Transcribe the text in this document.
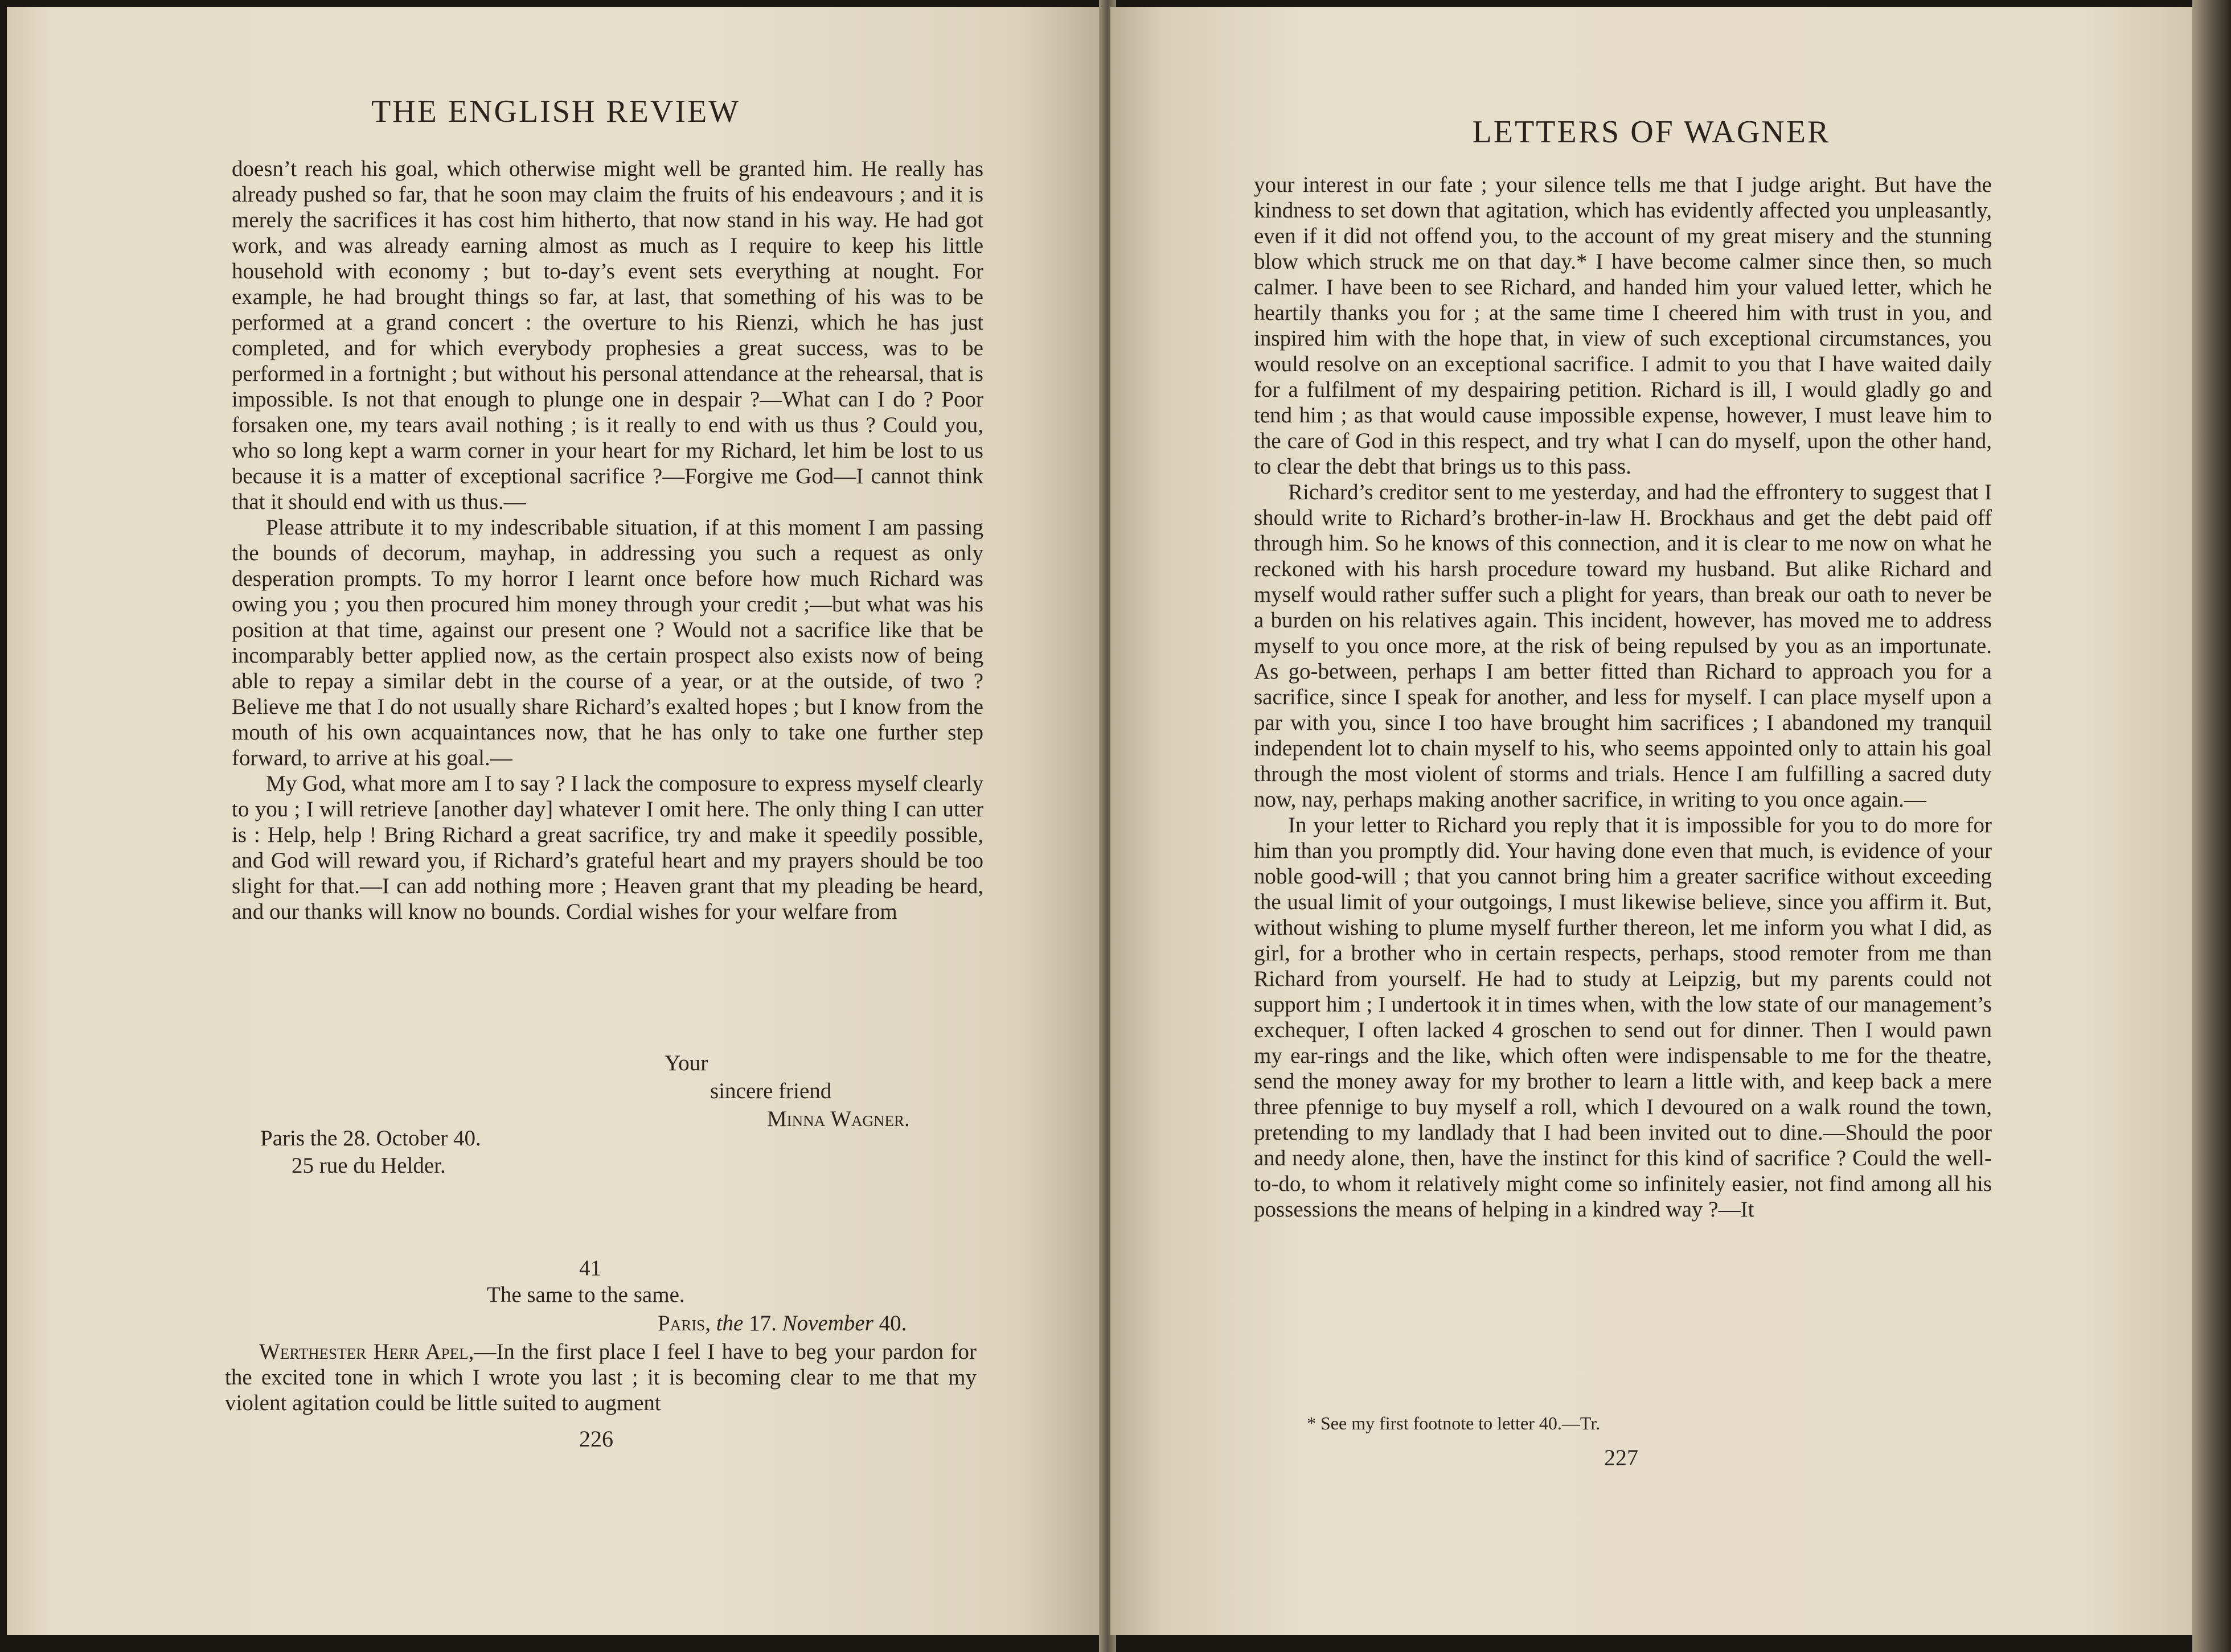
THE ENGLISH REVIEW

doesn’t reach his goal, which otherwise might well be granted him. He really has already pushed so far, that he soon may claim the fruits of his endeavours ; and it is merely the sacrifices it has cost him hitherto, that now stand in his way. He had got work, and was already earning almost as much as I require to keep his little household with economy ; but to-day’s event sets everything at nought. For example, he had brought things so far, at last, that something of his was to be performed at a grand concert : the overture to his Rienzi, which he has just completed, and for which everybody prophesies a great success, was to be performed in a fortnight ; but without his personal attendance at the rehearsal, that is impossible. Is not that enough to plunge one in despair ?—What can I do ? Poor forsaken one, my tears avail nothing ; is it really to end with us thus ? Could you, who so long kept a warm corner in your heart for my Richard, let him be lost to us because it is a matter of exceptional sacrifice ?—Forgive me God—I cannot think that it should end with us thus.—

Please attribute it to my indescribable situation, if at this moment I am passing the bounds of decorum, mayhap, in addressing you such a request as only desperation prompts. To my horror I learnt once before how much Richard was owing you ; you then procured him money through your credit ;—but what was his position at that time, against our present one ? Would not a sacrifice like that be incomparably better applied now, as the certain prospect also exists now of being able to repay a similar debt in the course of a year, or at the outside, of two ? Believe me that I do not usually share Richard’s exalted hopes ; but I know from the mouth of his own acquaintances now, that he has only to take one further step forward, to arrive at his goal.—

My God, what more am I to say ? I lack the composure to express myself clearly to you ; I will retrieve [another day] whatever I omit here. The only thing I can utter is : Help, help ! Bring Richard a great sacrifice, try and make it speedily possible, and God will reward you, if Richard’s grateful heart and my prayers should be too slight for that.—I can add nothing more ; Heaven grant that my pleading be heard, and our thanks will know no bounds. Cordial wishes for your welfare from

Your
sincere friend
Minna Wagner.
Paris the 28. October 40.
25 rue du Helder.
41
The same to the same.
Paris, the 17. November 40.

Werthester Herr Apel,—In the first place I feel I have to beg your pardon for the excited tone in which I wrote you last ; it is becoming clear to me that my violent agitation could be little suited to augment

226
LETTERS OF WAGNER

your interest in our fate ; your silence tells me that I judge aright. But have the kindness to set down that agitation, which has evidently affected you unpleasantly, even if it did not offend you, to the account of my great misery and the stunning blow which struck me on that day.* I have become calmer since then, so much calmer. I have been to see Richard, and handed him your valued letter, which he heartily thanks you for ; at the same time I cheered him with trust in you, and inspired him with the hope that, in view of such exceptional circumstances, you would resolve on an exceptional sacrifice. I admit to you that I have waited daily for a fulfilment of my despairing petition. Richard is ill, I would gladly go and tend him ; as that would cause impossible expense, however, I must leave him to the care of God in this respect, and try what I can do myself, upon the other hand, to clear the debt that brings us to this pass.

Richard’s creditor sent to me yesterday, and had the effrontery to suggest that I should write to Richard’s brother-in-law H. Brockhaus and get the debt paid off through him. So he knows of this connection, and it is clear to me now on what he reckoned with his harsh procedure toward my husband. But alike Richard and myself would rather suffer such a plight for years, than break our oath to never be a burden on his relatives again. This incident, however, has moved me to address myself to you once more, at the risk of being repulsed by you as an importunate. As go-between, perhaps I am better fitted than Richard to approach you for a sacrifice, since I speak for another, and less for myself. I can place myself upon a par with you, since I too have brought him sacrifices ; I abandoned my tranquil independent lot to chain myself to his, who seems appointed only to attain his goal through the most violent of storms and trials. Hence I am fulfilling a sacred duty now, nay, perhaps making another sacrifice, in writing to you once again.—

In your letter to Richard you reply that it is impossible for you to do more for him than you promptly did. Your having done even that much, is evidence of your noble good-will ; that you cannot bring him a greater sacrifice without exceeding the usual limit of your outgoings, I must likewise believe, since you affirm it. But, without wishing to plume myself further thereon, let me inform you what I did, as girl, for a brother who in certain respects, perhaps, stood remoter from me than Richard from yourself. He had to study at Leipzig, but my parents could not support him ; I undertook it in times when, with the low state of our management’s exchequer, I often lacked 4 groschen to send out for dinner. Then I would pawn my ear-rings and the like, which often were indispensable to me for the theatre, send the money away for my brother to learn a little with, and keep back a mere three pfennige to buy myself a roll, which I devoured on a walk round the town, pretending to my landlady that I had been invited out to dine.—Should the poor and needy alone, then, have the instinct for this kind of sacrifice ? Could the well-to-do, to whom it relatively might come so infinitely easier, not find among all his possessions the means of helping in a kindred way ?—It

* See my first footnote to letter 40.—Tr.
227
